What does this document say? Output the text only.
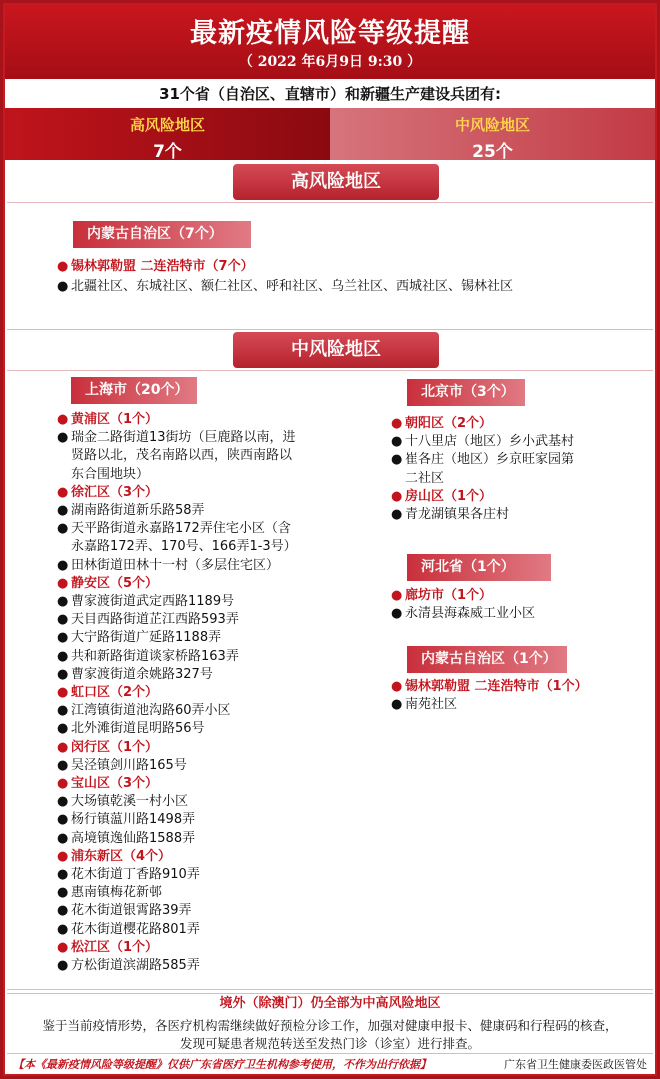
最新疫情风险等级提醒
（ 2022 年6月9日 9:30 ）
31个省（自治区、直辖市）和新疆生产建设兵团有:
高风险地区
7个
中风险地区
25个
高风险地区
内蒙古自治区（7个）
● 锡林郭勒盟 二连浩特市（7个）
● 北疆社区、东城社区、额仁社区、呼和社区、乌兰社区、西城社区、锡林社区
中风险地区
上海市（20个）
● 黄浦区（1个）
● 瑞金二路街道13街坊（巨鹿路以南，进
贤路以北，茂名南路以西，陕西南路以
东合围地块）
● 徐汇区（3个）
● 湖南路街道新乐路58弄
● 天平路街道永嘉路172弄住宅小区（含
永嘉路172弄、170号、166弄1-3号）
● 田林街道田林十一村（多层住宅区）
● 静安区（5个）
● 曹家渡街道武定西路1189号
● 天目西路街道芷江西路593弄
● 大宁路街道广延路1188弄
● 共和新路街道谈家桥路163弄
● 曹家渡街道余姚路327号
● 虹口区（2个）
● 江湾镇街道池沟路60弄小区
● 北外滩街道昆明路56号
● 闵行区（1个）
● 吴泾镇剑川路165号
● 宝山区（3个）
● 大场镇乾溪一村小区
● 杨行镇蕰川路1498弄
● 高境镇逸仙路1588弄
● 浦东新区（4个）
● 花木街道丁香路910弄
● 惠南镇梅花新邨
● 花木街道银霄路39弄
● 花木街道樱花路801弄
● 松江区（1个）
● 方松街道滨湖路585弄
北京市（3个）
● 朝阳区（2个）
● 十八里店（地区）乡小武基村
● 崔各庄（地区）乡京旺家园第
二社区
● 房山区（1个）
● 青龙湖镇果各庄村
河北省（1个）
● 廊坊市（1个）
● 永清县海森威工业小区
内蒙古自治区（1个）
● 锡林郭勒盟 二连浩特市（1个）
● 南苑社区
境外（除澳门）仍全部为中高风险地区
鉴于当前疫情形势，各医疗机构需继续做好预检分诊工作，加强对健康申报卡、健康码和行程码的核查，
发现可疑患者规范转送至发热门诊（诊室）进行排查。
【本《最新疫情风险等级提醒》仅供广东省医疗卫生机构参考使用，不作为出行依据】	广东省卫生健康委医政医管处
